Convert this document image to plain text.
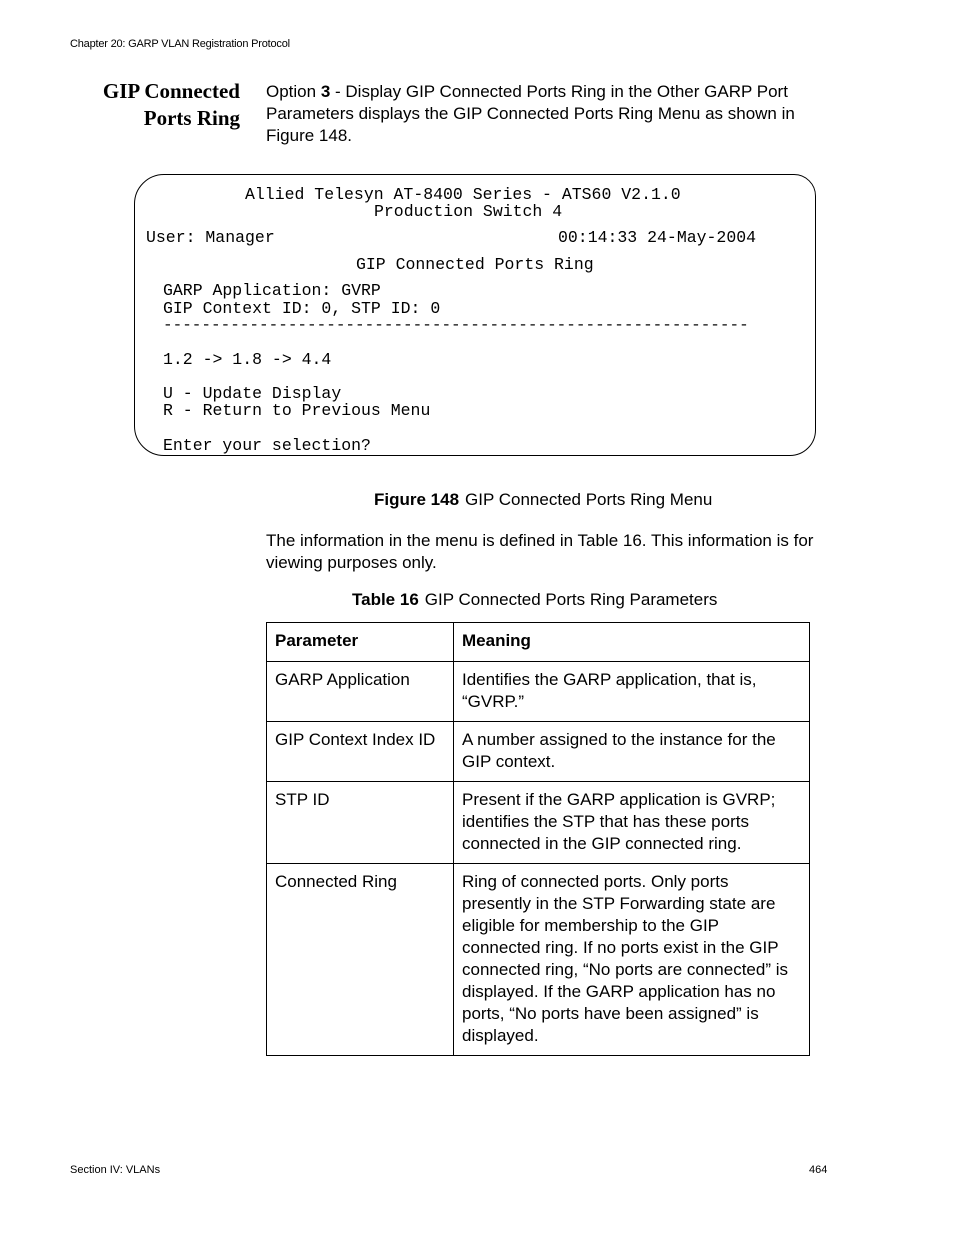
Chapter 20: GARP VLAN Registration Protocol
GIP Connected
Ports Ring
Option 3 - Display GIP Connected Ports Ring in the Other GARP Port Parameters displays the GIP Connected Ports Ring Menu as shown in Figure 148.
Allied Telesyn AT-8400 Series - ATS60 V2.1.0
Production Switch 4
User: Manager	00:14:33 24-May-2004
GIP Connected Ports Ring
GARP Application: GVRP
GIP Context ID: 0, STP ID: 0
-------------------------------------------------------------
1.2 -> 1.8 -> 4.4
U - Update Display
R - Return to Previous Menu
Enter your selection?
Figure 148 GIP Connected Ports Ring Menu
The information in the menu is defined in Table 16. This information is for viewing purposes only.
Table 16 GIP Connected Ports Ring Parameters
Parameter	Meaning
GARP Application	Identifies the GARP application, that is, “GVRP.”
GIP Context Index ID	A number assigned to the instance for the GIP context.
STP ID	Present if the GARP application is GVRP; identifies the STP that has these ports connected in the GIP connected ring.
Connected Ring	Ring of connected ports. Only ports presently in the STP Forwarding state are eligible for membership to the GIP connected ring. If no ports exist in the GIP connected ring, “No ports are connected” is displayed. If the GARP application has no ports, “No ports have been assigned” is displayed.
Section IV: VLANs	464
